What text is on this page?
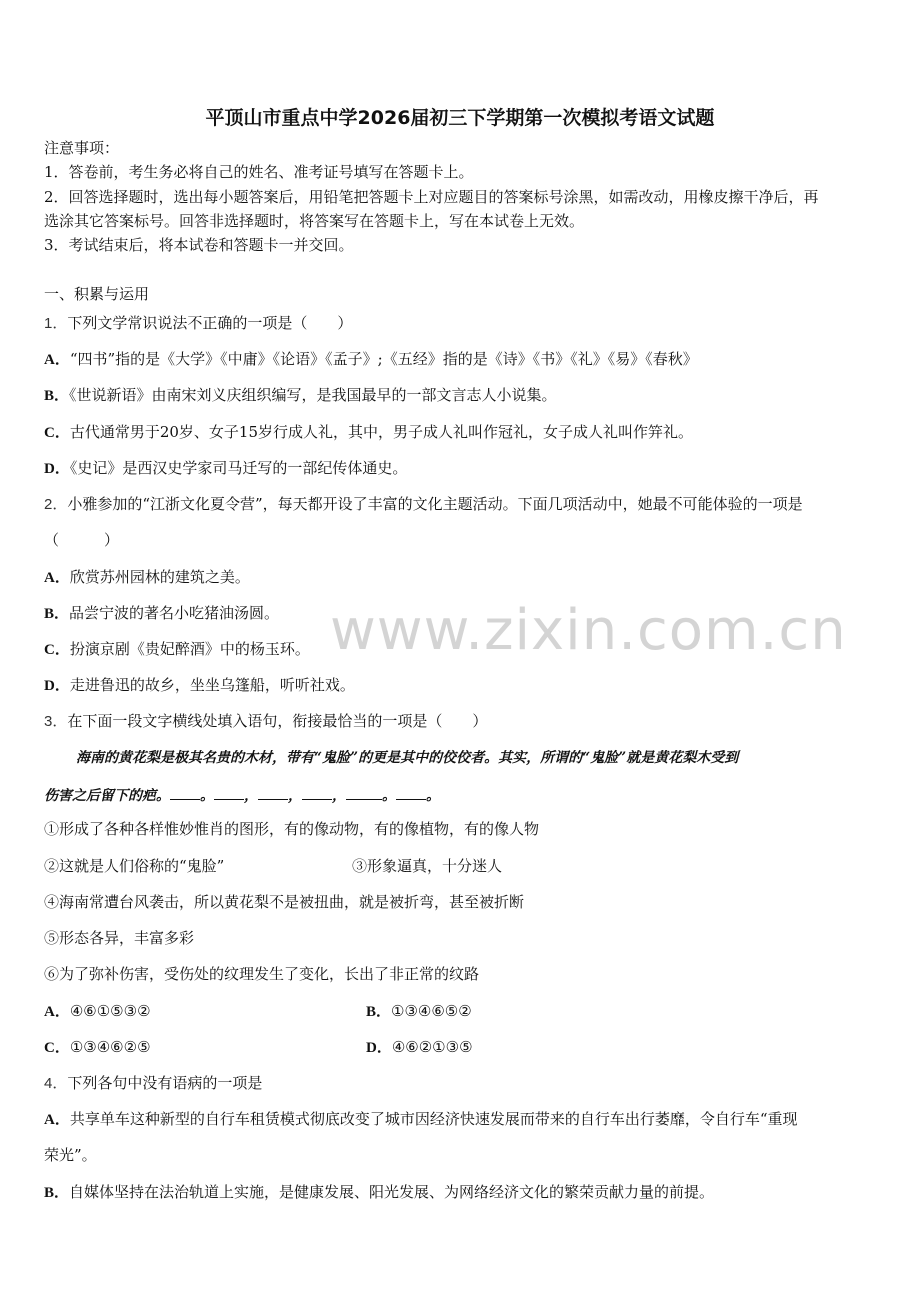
平顶山市重点中学2026届初三下学期第一次模拟考语文试题
注意事项：
1．答卷前，考生务必将自己的姓名、准考证号填写在答题卡上。
2．回答选择题时，选出每小题答案后，用铅笔把答题卡上对应题目的答案标号涂黑，如需改动，用橡皮擦干净后，再
选涂其它答案标号。回答非选择题时，将答案写在答题卡上，写在本试卷上无效。
3．考试结束后，将本试卷和答题卡一并交回。
一、积累与运用
1．下列文学常识说法不正确的一项是（　　）
A．“四书”指的是《大学》《中庸》《论语》《孟子》;《五经》指的是《诗》《书》《礼》《易》《春秋》
B．《世说新语》由南宋刘义庆组织编写，是我国最早的一部文言志人小说集。
C．古代通常男于20岁、女子15岁行成人礼，其中，男子成人礼叫作冠礼，女子成人礼叫作笄礼。
D．《史记》是西汉史学家司马迁写的一部纪传体通史。
2．小雅参加的“江浙文化夏令营”，每天都开设了丰富的文化主题活动。下面几项活动中，她最不可能体验的一项是
（　　　）
A．欣赏苏州园林的建筑之美。
B．品尝宁波的著名小吃猪油汤圆。
C．扮演京剧《贵妃醉酒》中的杨玉环。
D．走进鲁迅的故乡，坐坐乌篷船，听听社戏。
3．在下面一段文字横线处填入语句，衔接最恰当的一项是（　　）
海南的黄花梨是极其名贵的木材，带有“鬼脸”的更是其中的佼佼者。其实，所谓的“鬼脸”就是黄花梨木受到
伤害之后留下的疤。 。 ， ， ，	。 。
①形成了各种各样惟妙惟肖的图形，有的像动物，有的像植物，有的像人物
②这就是人们俗称的“鬼脸”	③形象逼真，十分迷人
④海南常遭台风袭击，所以黄花梨不是被扭曲，就是被折弯，甚至被折断
⑤形态各异，丰富多彩
⑥为了弥补伤害，受伤处的纹理发生了变化，长出了非正常的纹路
A．④⑥①⑤③②	B．①③④⑥⑤②
C．①③④⑥②⑤	D．④⑥②①③⑤
4．下列各句中没有语病的一项是
A．共享单车这种新型的自行车租赁模式彻底改变了城市因经济快速发展而带来的自行车出行萎靡，令自行车“重现
荣光”。
B．自媒体坚持在法治轨道上实施，是健康发展、阳光发展、为网络经济文化的繁荣贡献力量的前提。
www.zixin.com.cn
